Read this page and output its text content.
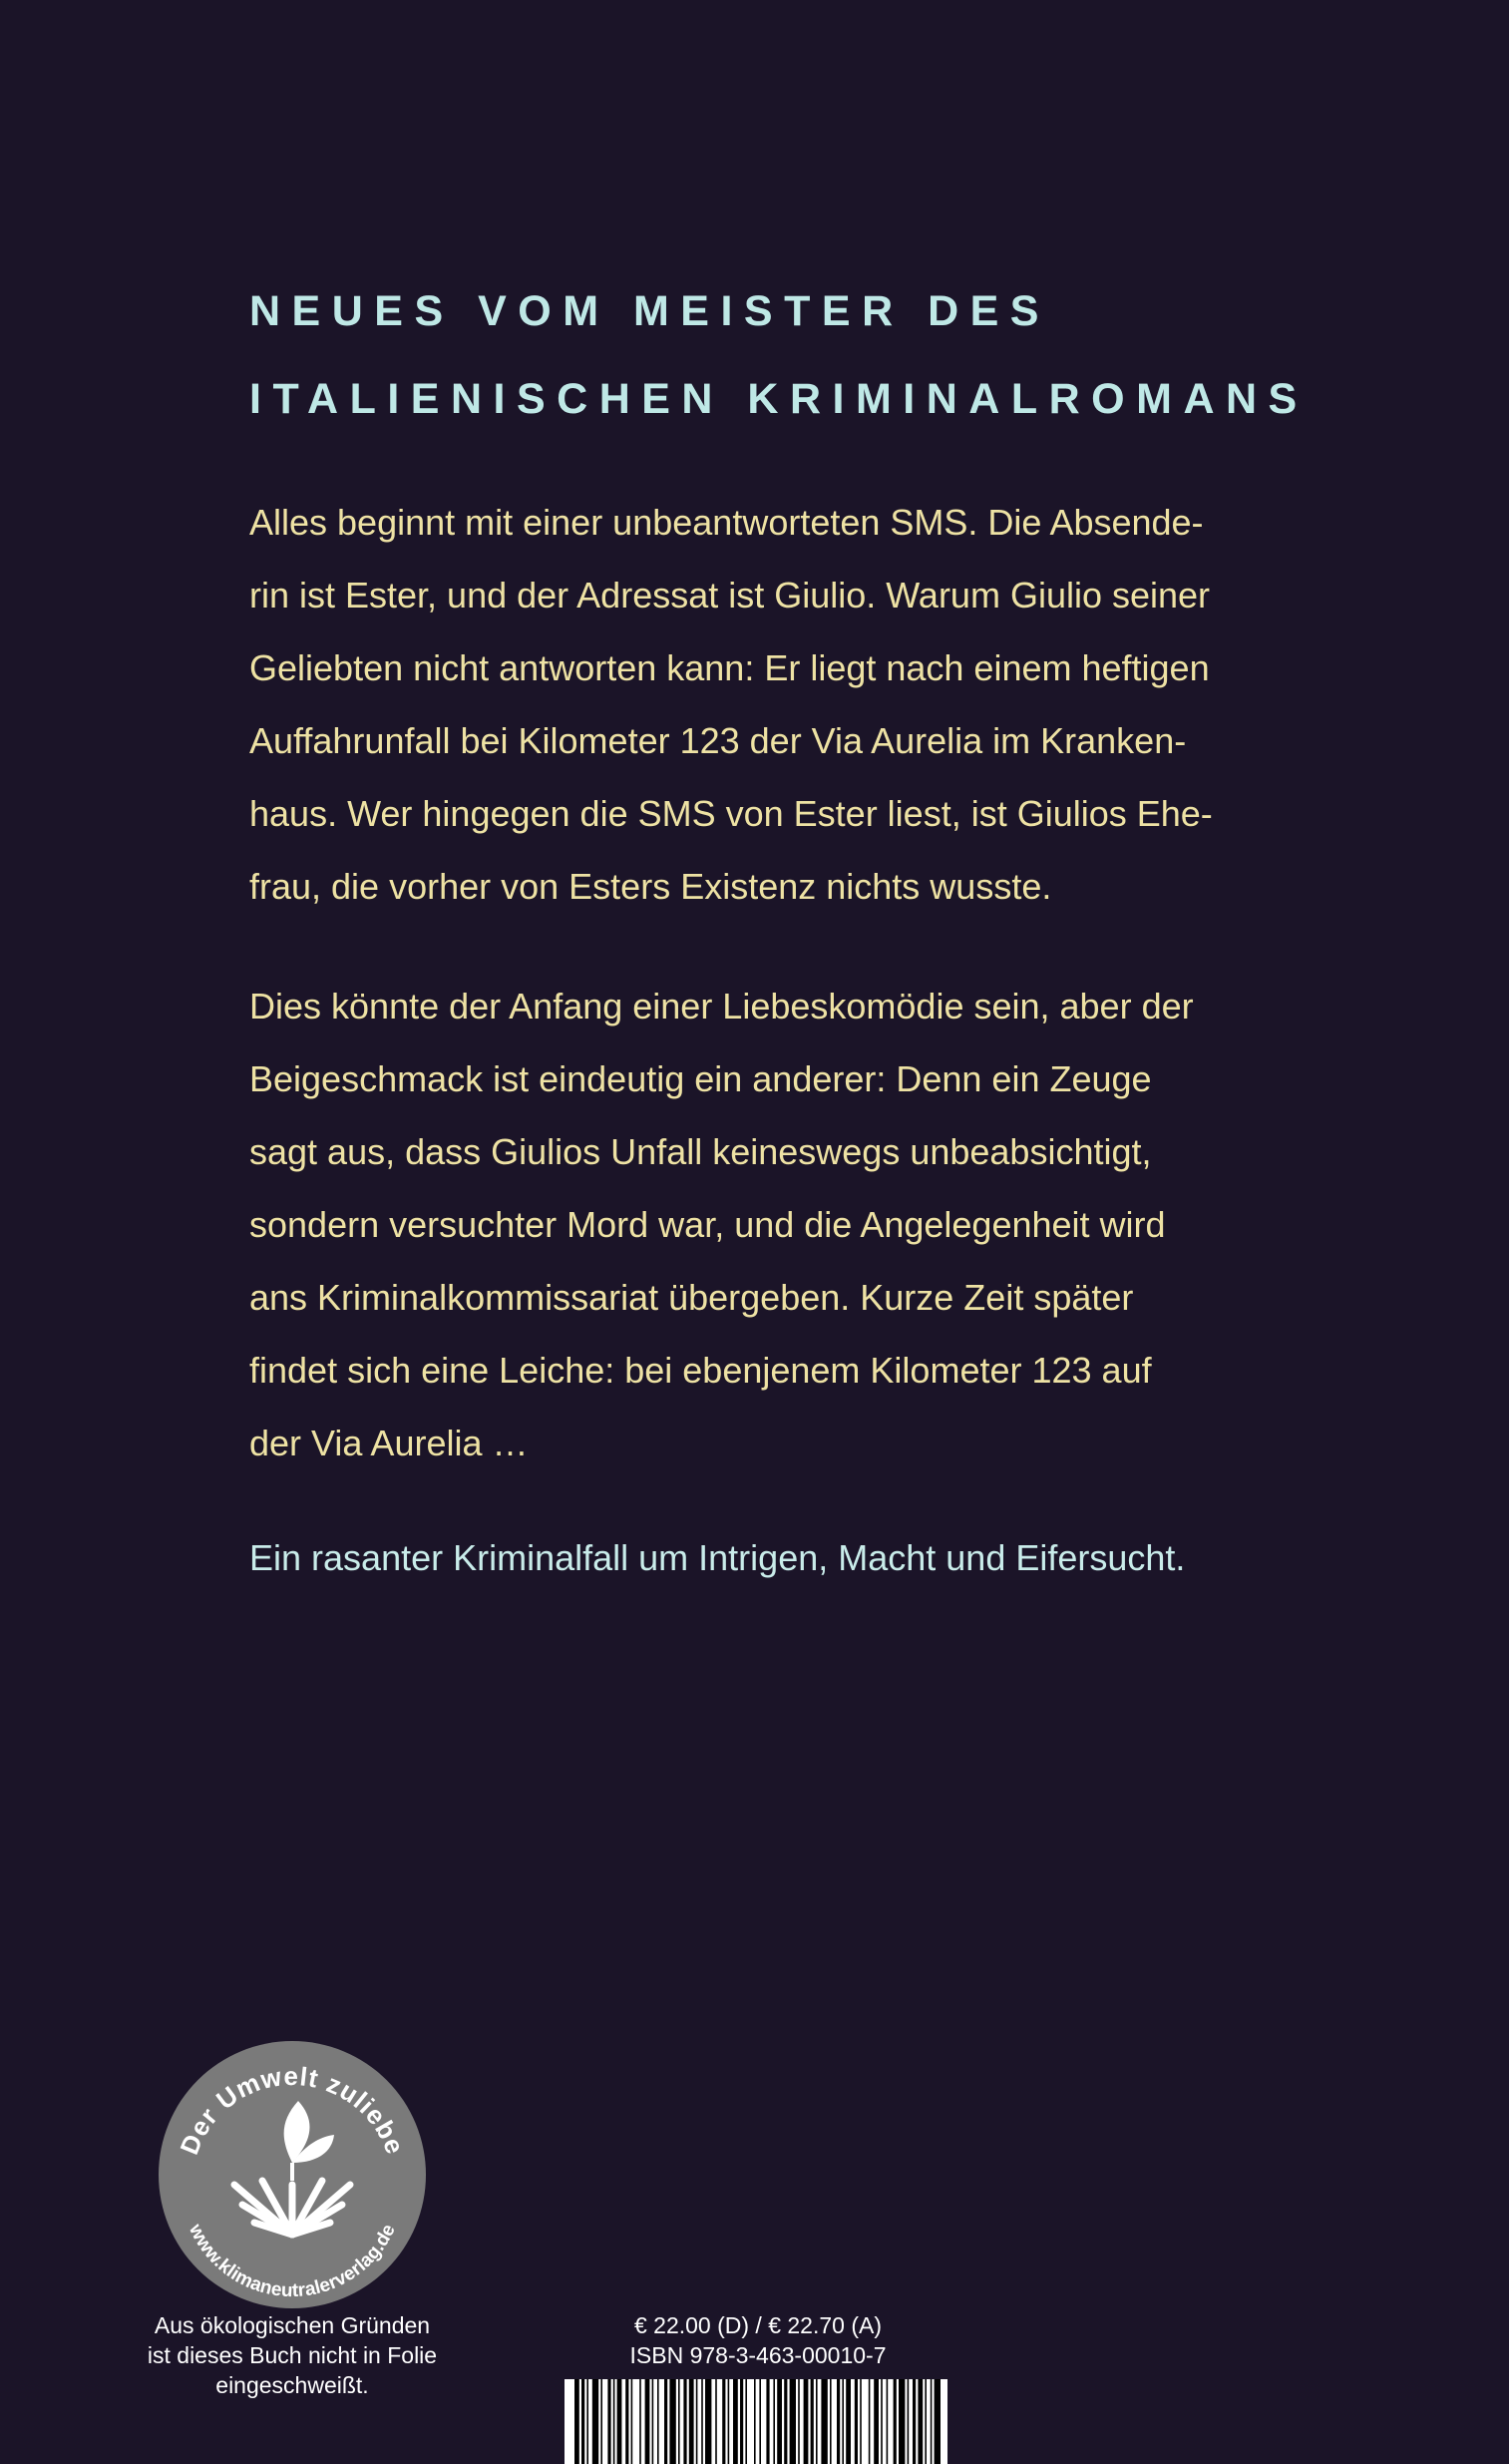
NEUES VOM MEISTER DES
ITALIENISCHEN KRIMINALROMANS

Alles beginnt mit einer unbeantworteten SMS. Die Absende-
rin ist Ester, und der Adressat ist Giulio. Warum Giulio seiner
Geliebten nicht antworten kann: Er liegt nach einem heftigen
Auffahrunfall bei Kilometer 123 der Via Aurelia im Kranken-
haus. Wer hingegen die SMS von Ester liest, ist Giulios Ehe-
frau, die vorher von Esters Existenz nichts wusste.

Dies könnte der Anfang einer Liebeskomödie sein, aber der
Beigeschmack ist eindeutig ein anderer: Denn ein Zeuge
sagt aus, dass Giulios Unfall keineswegs unbeabsichtigt,
sondern versuchter Mord war, und die Angelegenheit wird
ans Kriminalkommissariat übergeben. Kurze Zeit später
findet sich eine Leiche: bei ebenjenem Kilometer 123 auf
der Via Aurelia …

Ein rasanter Kriminalfall um Intrigen, Macht und Eifersucht.

Der Umwelt zuliebe
www.klimaneutralerverlag.de

Aus ökologischen Gründen
ist dieses Buch nicht in Folie
eingeschweißt.

€ 22.00 (D) / € 22.70 (A)
ISBN 978-3-463-00010-7
